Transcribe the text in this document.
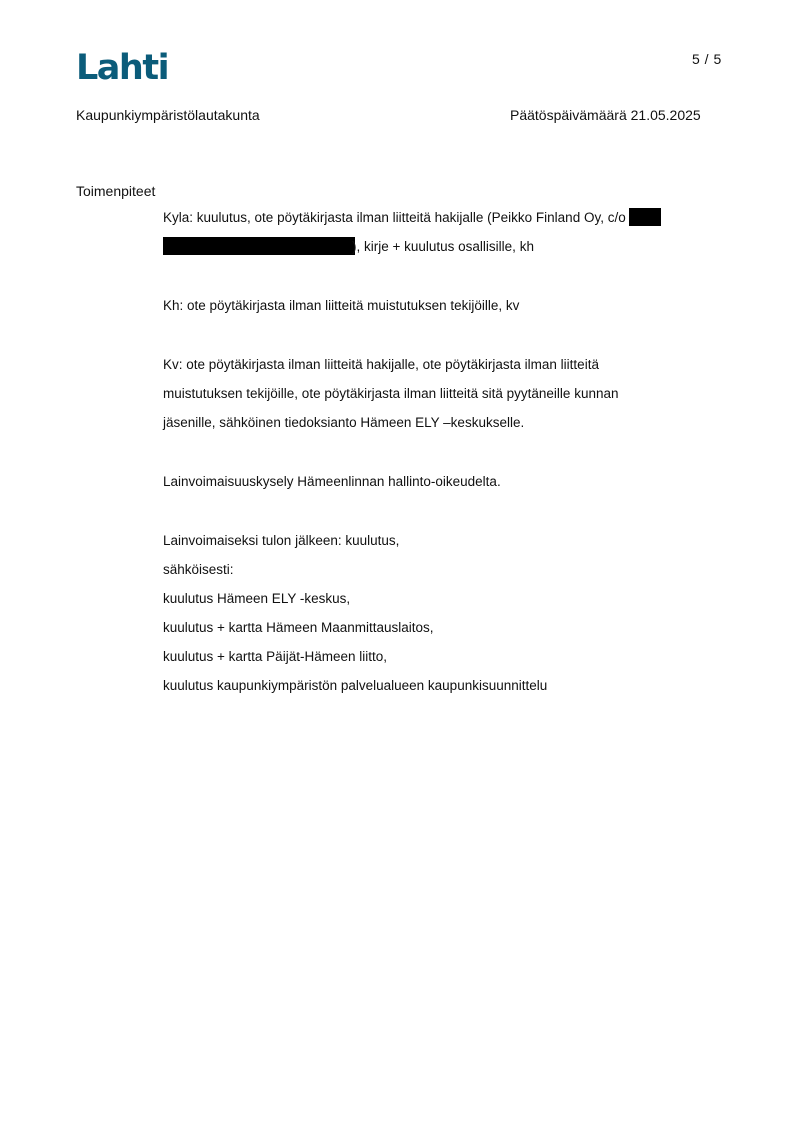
Lahti	5 / 5
Kaupunkiympäristölautakunta	Päätöspäivämäärä 21.05.2025
Toimenpiteet
Kyla: kuulutus, ote pöytäkirjasta ilman liitteitä hakijalle (Peikko Finland Oy, c/o
), kirje + kuulutus osallisille, kh
Kh: ote pöytäkirjasta ilman liitteitä muistutuksen tekijöille, kv
Kv: ote pöytäkirjasta ilman liitteitä hakijalle, ote pöytäkirjasta ilman liitteitä
muistutuksen tekijöille, ote pöytäkirjasta ilman liitteitä sitä pyytäneille kunnan
jäsenille, sähköinen tiedoksianto Hämeen ELY –keskukselle.
Lainvoimaisuuskysely Hämeenlinnan hallinto-oikeudelta.
Lainvoimaiseksi tulon jälkeen: kuulutus,
sähköisesti:
kuulutus Hämeen ELY -keskus,
kuulutus + kartta Hämeen Maanmittauslaitos,
kuulutus + kartta Päijät-Hämeen liitto,
kuulutus kaupunkiympäristön palvelualueen kaupunkisuunnittelu
